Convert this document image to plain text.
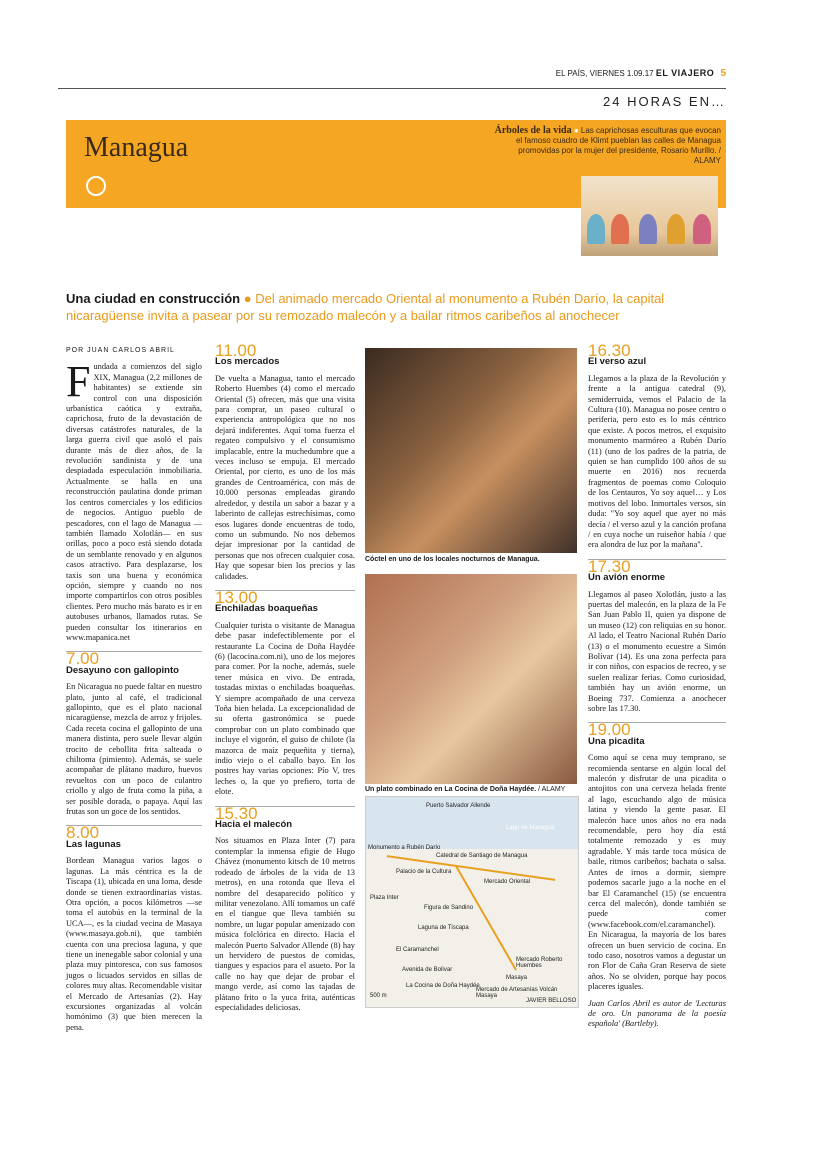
EL PAÍS, VIERNES 1.09.17 EL VIAJERO 5
24 HORAS EN…
Managua
Árboles de la vida ● Las caprichosas esculturas que evocan el famoso cuadro de Klimt pueblan las calles de Managua promovidas por la mujer del presidente, Rosario Murillo. / ALAMY
Una ciudad en construcción ● Del animado mercado Oriental al monumento a Rubén Darío, la capital nicaragüense invita a pasear por su remozado malecón y a bailar ritmos caribeños al anochecer
POR JUAN CARLOS ABRIL
Fundada a comienzos del siglo XIX, Managua (2,2 millones de habitantes) se extiende sin control con una disposición urbanística caótica y extraña, caprichosa, fruto de la devastación de diversas catástrofes naturales, de la larga guerra civil que asoló el país durante más de diez años, de la revolución sandinista y de una despiadada especulación inmobiliaria. Actualmente se halla en una reconstrucción paulatina donde priman los centros comerciales y los edificios de negocios. Antiguo pueblo de pescadores, con el lago de Managua —también llamado Xolotlán— en sus orillas, poco a poco está siendo dotada de un semblante renovado y en algunos casos atractivo. Para desplazarse, los taxis son una buena y económica opción, siempre y cuando no nos importe compartirlos con otros posibles clientes. Pero mucho más barato es ir en autobuses urbanos, llamados rutas. Se pueden consultar los itinerarios en www.mapanica.net
7.00
Desayuno con gallopinto
En Nicaragua no puede faltar en nuestro plato, junto al café, el tradicional gallopinto, que es el plato nacional nicaragüense, mezcla de arroz y frijoles. Cada receta cocina el gallopinto de una manera distinta, pero suele llevar algún trocito de cebollita frita salteada o chiltoma (pimiento). Además, se suele acompañar de plátano maduro, huevos revueltos con un poco de culantro criollo y algo de fruta como la piña, a ser posible dorada, o papaya. Aquí las frutas son un goce de los sentidos.
8.00
Las lagunas
Bordean Managua varios lagos o lagunas. La más céntrica es la de Tiscapa (1), ubicada en una loma, desde donde se tienen extraordinarias vistas. Otra opción, a pocos kilómetros —se toma el autobús en la terminal de la UCA—, es la ciudad vecina de Masaya (www.masaya.gob.ni), que también cuenta con una preciosa laguna, y que tiene un inenegable sabor colonial y una plaza muy pintoresca, con sus famosos jugos o licuados servidos en sillas de colores muy altas. Recomendable visitar el Mercado de Artesanías (2). Hay excursiones organizadas al volcán homónimo (3) que bien merecen la pena.
11.00
Los mercados
De vuelta a Managua, tanto el mercado Roberto Huembes (4) como el mercado Oriental (5) ofrecen, más que una visita para comprar, un paseo cultural o experiencia antropológica que no nos dejará indiferentes. Aquí toma fuerza el regateo compulsivo y el consumismo implacable, entre la muchedumbre que a veces incluso se empuja. El mercado Oriental, por cierto, es uno de los más grandes de Centroamérica, con más de 10.000 personas empleadas girando alrededor, y destila un sabor a bazar y a laberinto de callejas estrechísimas, como esos lugares donde encuentras de todo, como un submundo. No nos debemos dejar impresionar por la cantidad de personas que nos ofrecen cualquier cosa. Hay que sopesar bien los precios y las calidades.
13.00
Enchiladas boaqueñas
Cualquier turista o visitante de Managua debe pasar indefectiblemente por el restaurante La Cocina de Doña Haydée (6) (lacocina.com.ni), uno de los mejores para comer. Por la noche, además, suele tener música en vivo. De entrada, tostadas mixtas o enchiladas boaqueñas. Y siempre acompañado de una cerveza Toña bien helada. La excepcionalidad de su oferta gastronómica se puede comprobar con un plato combinado que incluye el vigorón, el guiso de chilote (la mazorca de maíz pequeñita y tierna), indio viejo o el caballo bayo. En los postres hay varias opciones: Pío V, tres leches o, la que yo prefiero, torta de elote.
15.30
Hacia el malecón
Nos situamos en Plaza Inter (7) para contemplar la inmensa efigie de Hugo Chávez (monumento kitsch de 10 metros rodeado de árboles de la vida de 13 metros), en una rotonda que lleva el nombre del desaparecido político y militar venezolano. Allí tomamos un café en el tiangue que lleva también su nombre, un lugar popular amenizado con música folclórica en directo. Hacia el malecón Puerto Salvador Allende (8) hay un hervidero de puestos de comidas, tiangues y espacios para el asueto. Por la calle no hay que dejar de probar el mango verde, así como las tajadas de plátano frito o la yuca frita, auténticas especialidades deliciosas.
Cóctel en uno de los locales nocturnos de Managua.
Un plato combinado en La Cocina de Doña Haydée. / ALAMY
Puerto Salvador Allende
Lago de Managua
Monumento a Rubén Darío
Catedral de Santiago de Managua
Palacio de la Cultura
Mercado Oriental
Plaza Inter
Figura de Sandino
Laguna de Tiscapa
El Caramanchel
Avenida de Bolívar
Mercado Roberto Huembes
Masaya
La Cocina de Doña Haydée
Mercado de Artesanías Volcán Masaya
500 m
JAVIER BELLOSO
16.30
El verso azul
Llegamos a la plaza de la Revolución y frente a la antigua catedral (9), semiderruida, vemos el Palacio de la Cultura (10). Managua no posee centro o periferia, pero esto es lo más céntrico que existe. A pocos metros, el exquisito monumento marmóreo a Rubén Darío (11) (uno de los padres de la patria, de quien se han cumplido 100 años de su muerte en 2016) nos recuerda fragmentos de poemas como Coloquio de los Centauros, Yo soy aquel… y Los motivos del lobo. Inmortales versos, sin duda: "Yo soy aquel que ayer no más decía / el verso azul y la canción profana / en cuya noche un ruiseñor había / que era alondra de luz por la mañana".
17.30
Un avión enorme
Llegamos al paseo Xolotlán, justo a las puertas del malecón, en la plaza de la Fe San Juan Pablo II, quien ya dispone de un museo (12) con reliquias en su honor. Al lado, el Teatro Nacional Rubén Darío (13) o el monumento ecuestre a Simón Bolívar (14). Es una zona perfecta para ir con niños, con espacios de recreo, y se suelen realizar ferias. Como curiosidad, también hay un avión enorme, un Boeing 737. Comienza a anochecer sobre las 17.30.
19.00
Una picadita
Como aquí se cena muy temprano, se recomienda sentarse en algún local del malecón y disfrutar de una picadita o antojitos con una cerveza helada frente al lago, escuchando algo de música latina y viendo la gente pasar. El malecón hace unos años no era nada recomendable, pero hoy día está totalmente remozado y es muy agradable. Y más tarde toca música de baile, ritmos caribeños; bachata o salsa. Antes de irnos a dormir, siempre podemos sacarle jugo a la noche en el bar El Caramanchel (15) (se encuentra cerca del malecón), donde también se puede comer (www.facebook.com/el.caramanchel). En Nicaragua, la mayoría de los bares ofrecen un buen servicio de cocina. En todo caso, nosotros vamos a degustar un ron Flor de Caña Gran Reserva de siete años. No se olviden, porque hay pocos placeres iguales.
Juan Carlos Abril es autor de 'Lecturas de oro. Un panorama de la poesía española' (Bartleby).
